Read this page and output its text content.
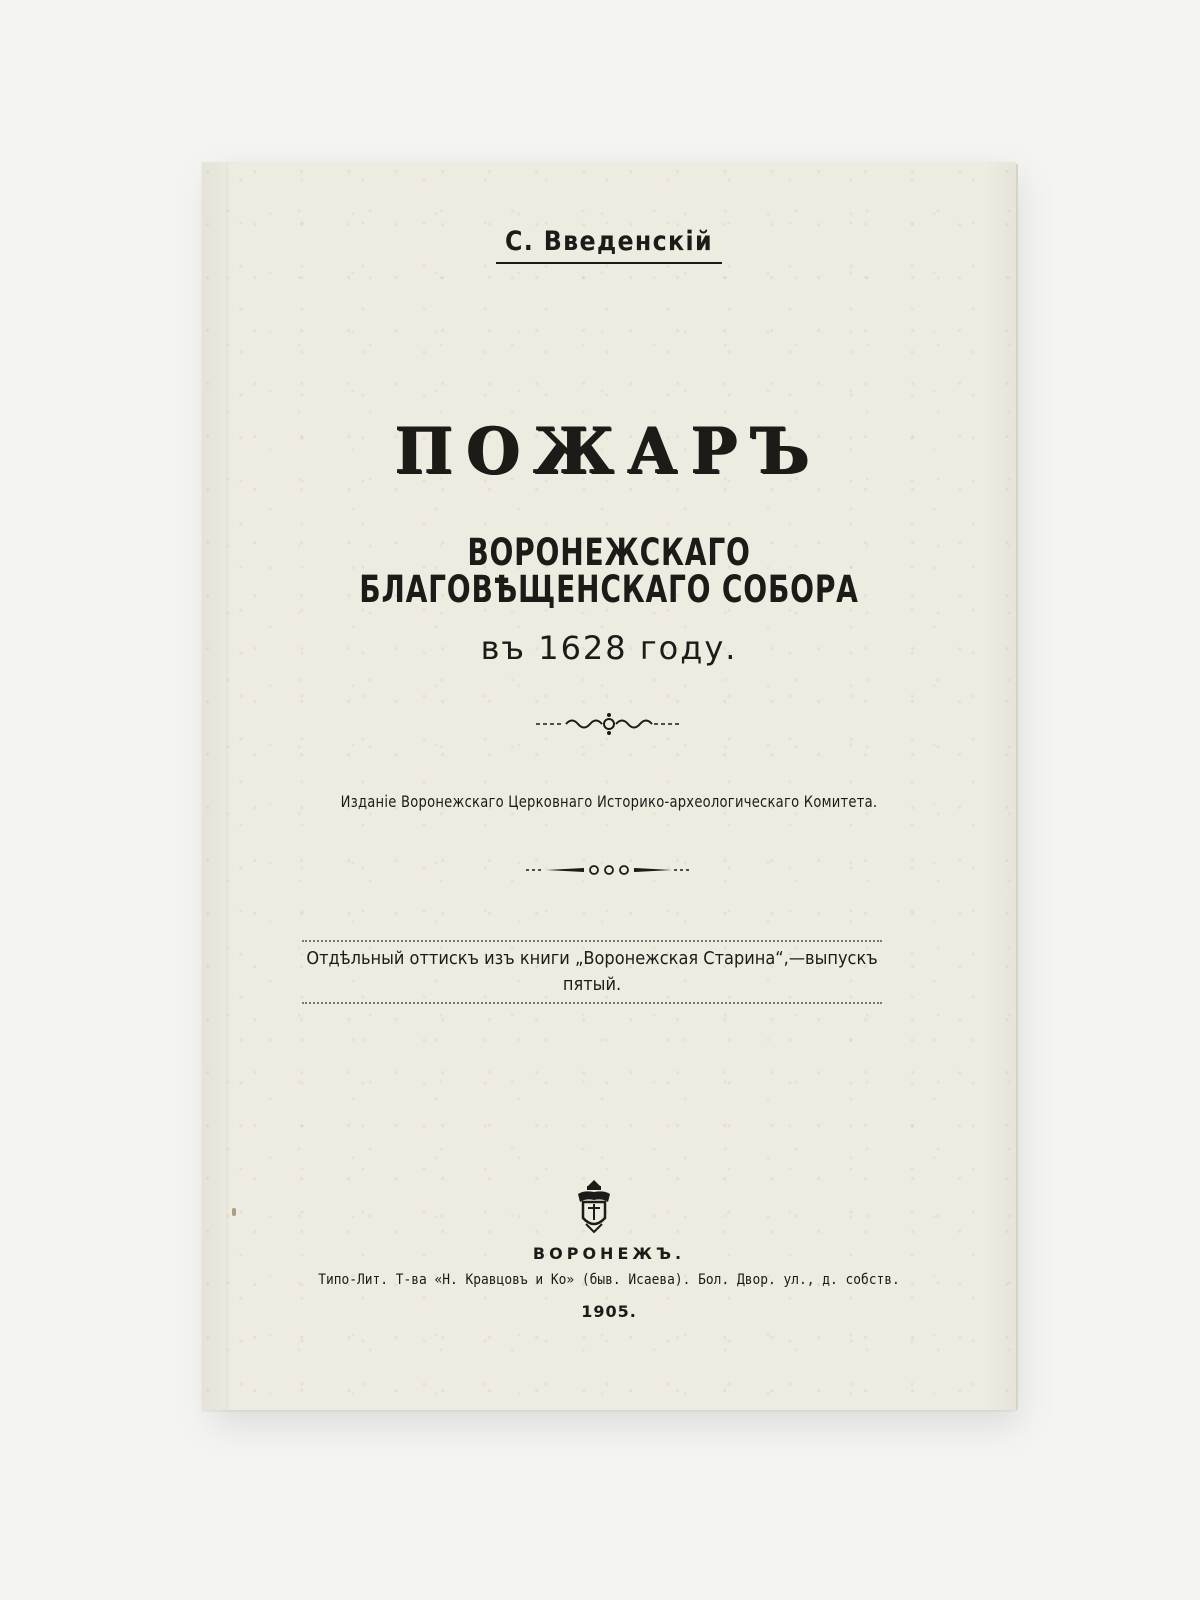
С. Введенскій
ПОЖАРЪ
ВОРОНЕЖСКАГО БЛАГОВѢЩЕНСКАГО СОБОРА
въ 1628 году.
Изданіе Воронежскаго Церковнаго Историко-археологическаго Комитета.
Отдѣльный оттискъ изъ книги „Воронежская Старина“,—выпускъ
пятый.
ВОРОНЕЖЪ.
Типо-Лит. Т-ва «Н. Кравцовъ и Ко» (быв. Исаева). Бол. Двор. ул., д. собств.
1905.
